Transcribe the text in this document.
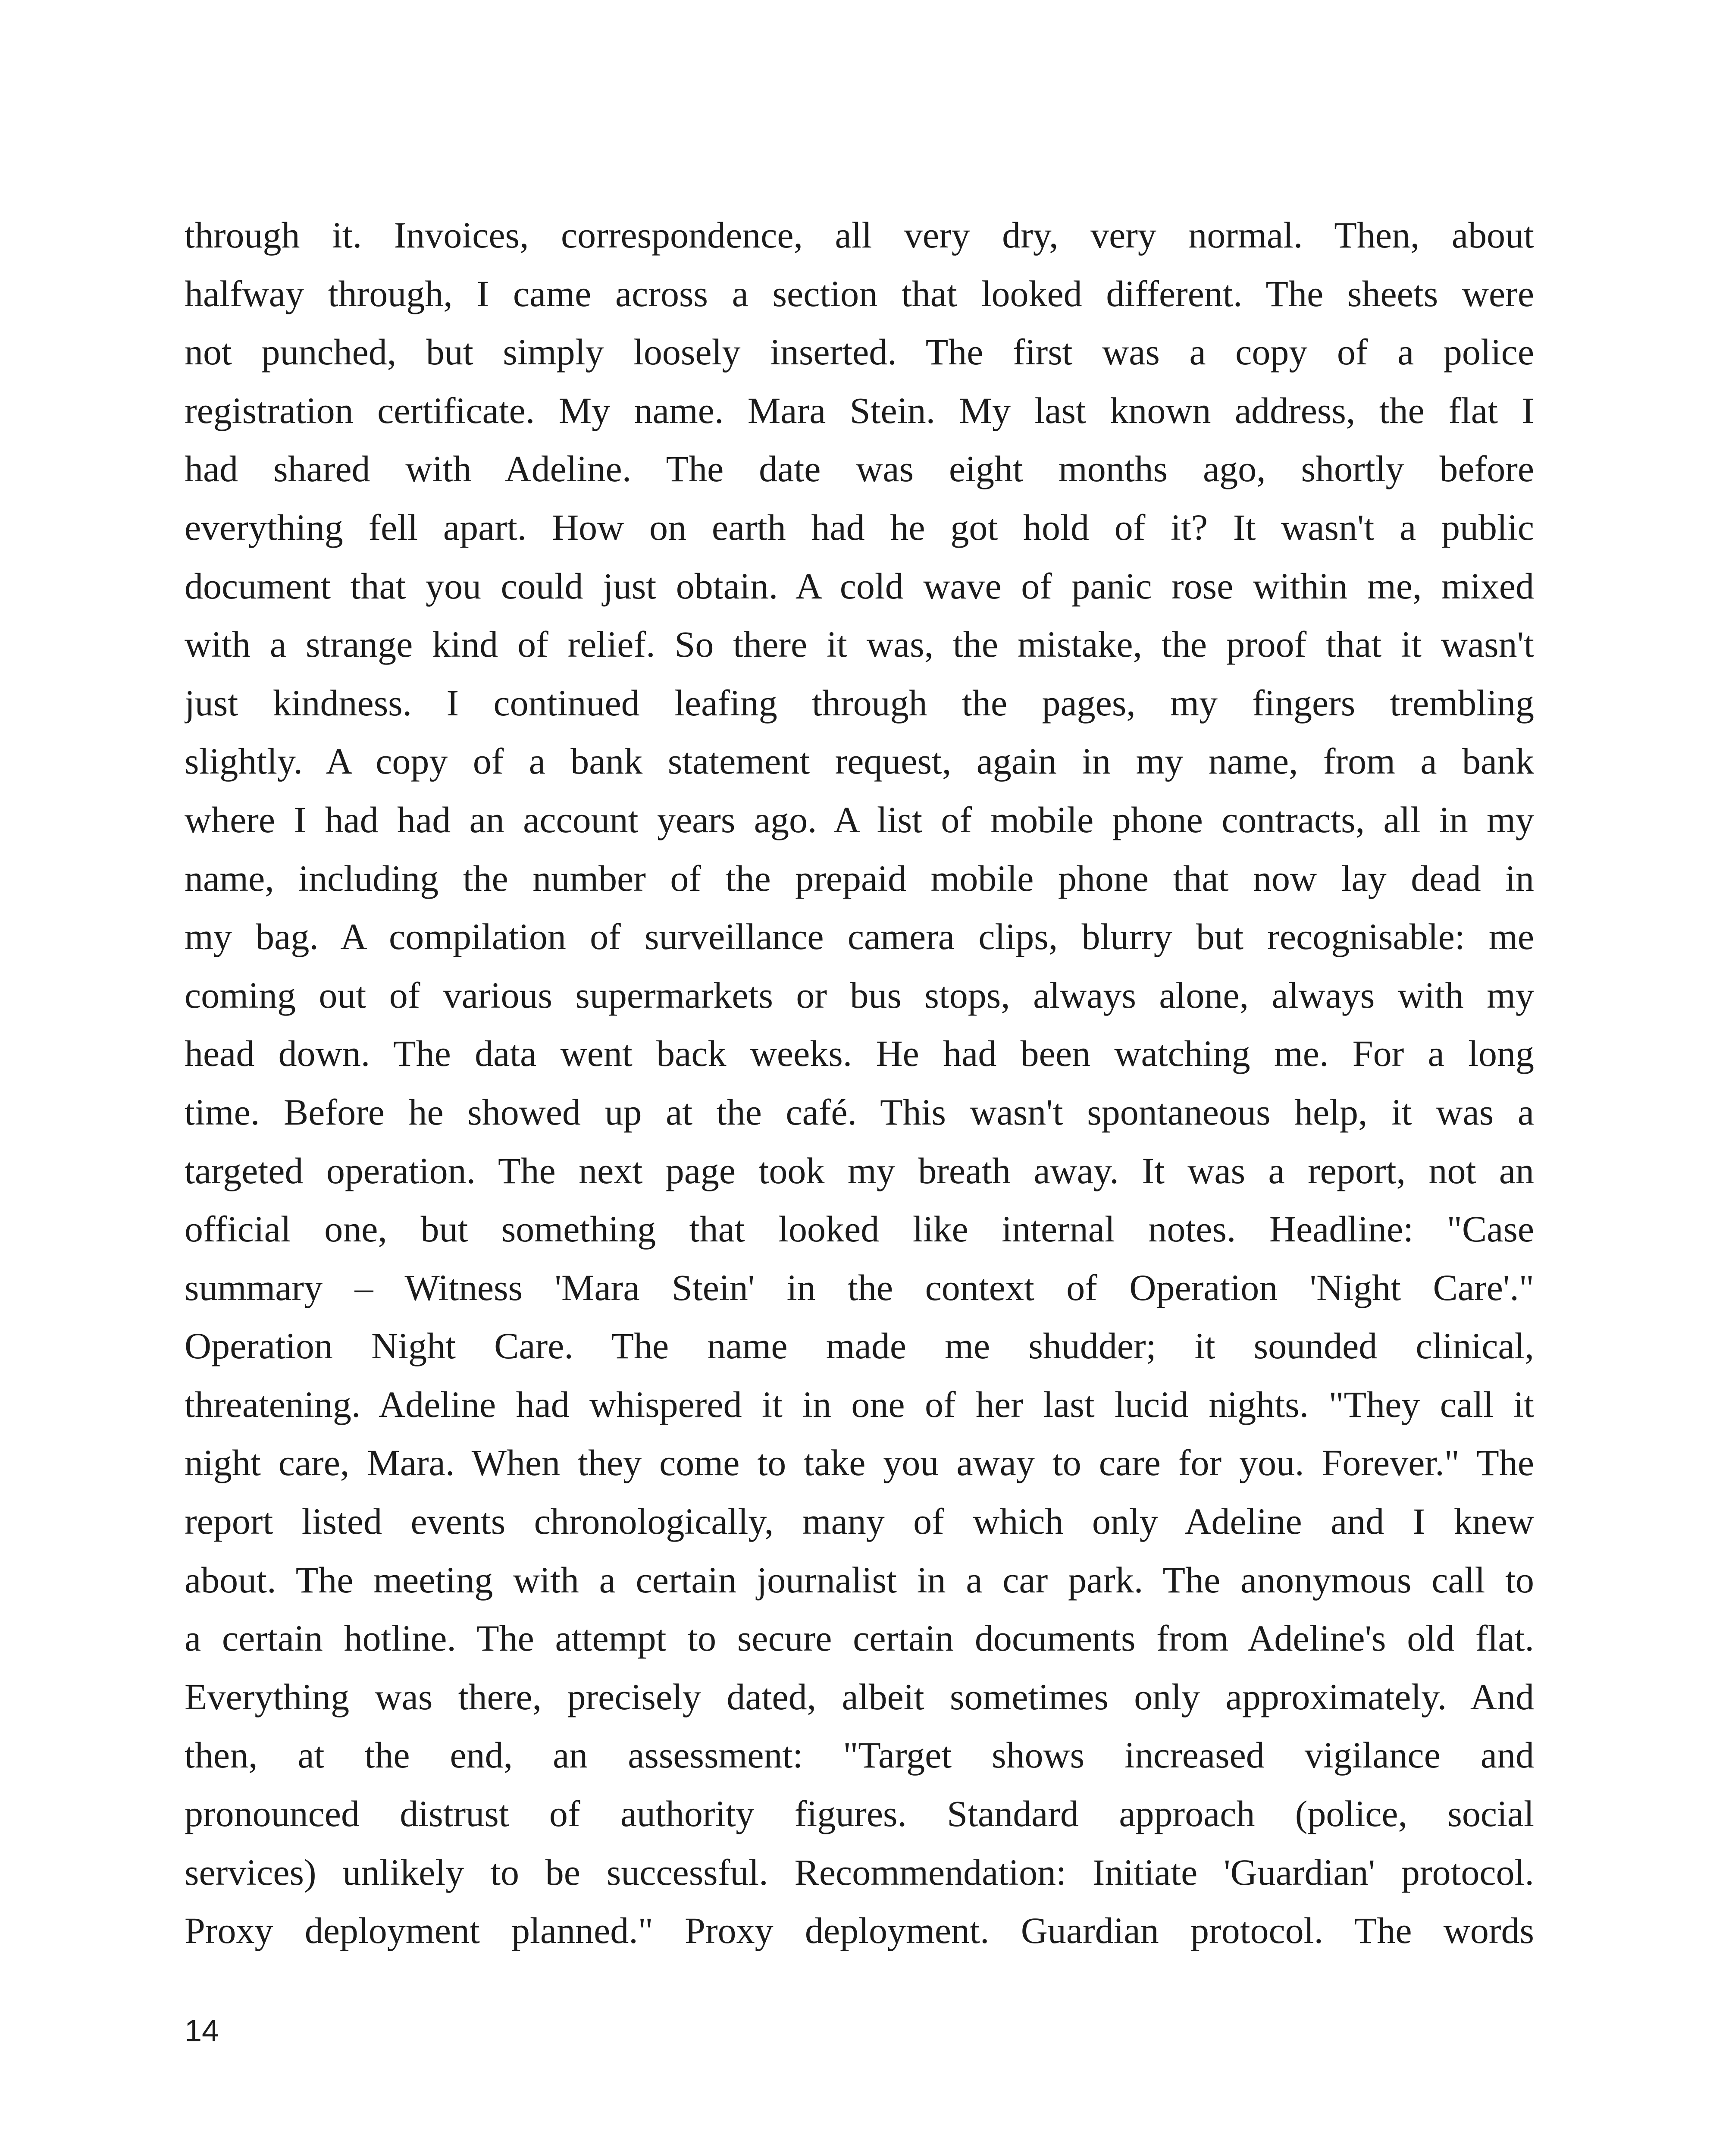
through it. Invoices, correspondence, all very dry, very normal. Then, about
halfway through, I came across a section that looked different. The sheets were
not punched, but simply loosely inserted. The first was a copy of a police
registration certificate. My name. Mara Stein. My last known address, the flat I
had shared with Adeline. The date was eight months ago, shortly before
everything fell apart. How on earth had he got hold of it? It wasn't a public
document that you could just obtain. A cold wave of panic rose within me, mixed
with a strange kind of relief. So there it was, the mistake, the proof that it wasn't
just kindness. I continued leafing through the pages, my fingers trembling
slightly. A copy of a bank statement request, again in my name, from a bank
where I had had an account years ago. A list of mobile phone contracts, all in my
name, including the number of the prepaid mobile phone that now lay dead in
my bag. A compilation of surveillance camera clips, blurry but recognisable: me
coming out of various supermarkets or bus stops, always alone, always with my
head down. The data went back weeks. He had been watching me. For a long
time. Before he showed up at the café. This wasn't spontaneous help, it was a
targeted operation. The next page took my breath away. It was a report, not an
official one, but something that looked like internal notes. Headline: "Case
summary – Witness 'Mara Stein' in the context of Operation 'Night Care'."
Operation Night Care. The name made me shudder; it sounded clinical,
threatening. Adeline had whispered it in one of her last lucid nights. "They call it
night care, Mara. When they come to take you away to care for you. Forever." The
report listed events chronologically, many of which only Adeline and I knew
about. The meeting with a certain journalist in a car park. The anonymous call to
a certain hotline. The attempt to secure certain documents from Adeline's old flat.
Everything was there, precisely dated, albeit sometimes only approximately. And
then, at the end, an assessment: "Target shows increased vigilance and
pronounced distrust of authority figures. Standard approach (police, social
services) unlikely to be successful. Recommendation: Initiate 'Guardian' protocol.
Proxy deployment planned." Proxy deployment. Guardian protocol. The words
14
